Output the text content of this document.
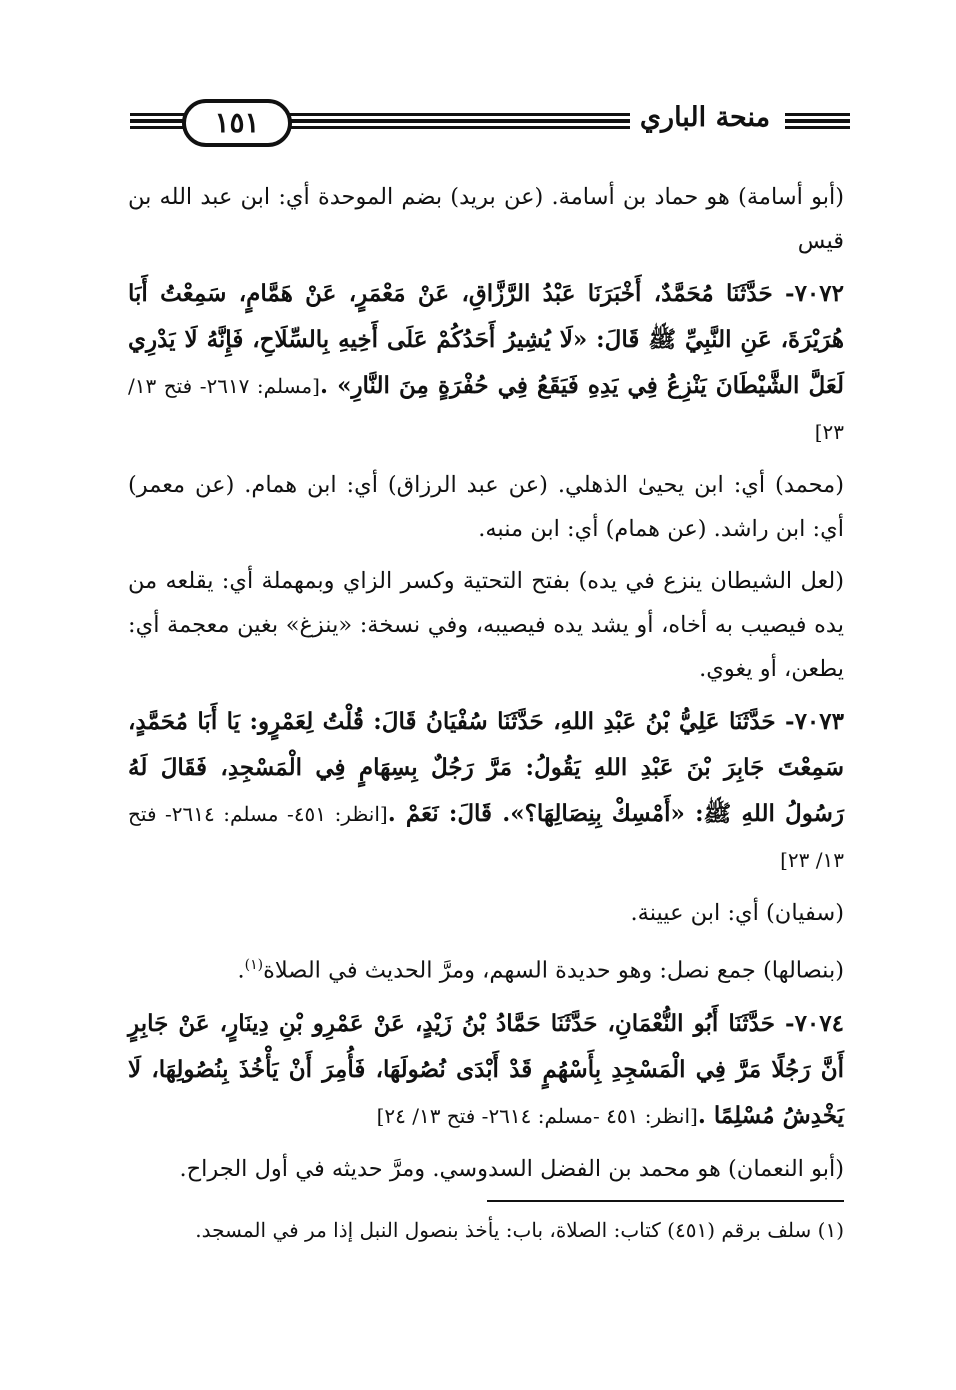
١٥١	منحة الباري

(أبو أسامة) هو حماد بن أسامة. (عن بريد) بضم الموحدة أي: ابن عبد الله بن قيس

٧٠٧٢- حَدَّثَنَا مُحَمَّدٌ، أَخْبَرَنَا عَبْدُ الرَّزَّاقِ، عَنْ مَعْمَرٍ، عَنْ هَمَّامٍ، سَمِعْتُ أَبَا هُرَيْرَةَ، عَنِ النَّبِيِّ ﷺ قَالَ: «لَا يُشِيرُ أَحَدُكُمْ عَلَى أَخِيهِ بِالسِّلَاحِ، فَإِنَّهُ لَا يَدْرِي لَعَلَّ الشَّيْطَانَ يَنْزِعُ فِي يَدِهِ فَيَقَعُ فِي حُفْرَةٍ مِنَ النَّارِ» .[مسلم: ٢٦١٧- فتح ١٣/ ٢٣]

(محمد) أي: ابن يحيىٰ الذهلي. (عن عبد الرزاق) أي: ابن همام. (عن معمر) أي: ابن راشد. (عن همام) أي: ابن منبه.

(لعل الشيطان ينزع في يده) بفتح التحتية وكسر الزاي وبمهملة أي: يقلعه من يده فيصيب به أخاه، أو يشد يده فيصيبه، وفي نسخة: «ينزغ» بغين معجمة أي: يطعن، أو يغوي.

٧٠٧٣- حَدَّثَنَا عَلِيُّ بْنُ عَبْدِ اللهِ، حَدَّثَنَا سُفْيَانُ قَالَ: قُلْتُ لِعَمْرٍو: يَا أَبَا مُحَمَّدٍ، سَمِعْتَ جَابِرَ بْنَ عَبْدِ اللهِ يَقُولُ: مَرَّ رَجُلٌ بِسِهَامٍ فِي الْمَسْجِدِ، فَقَالَ لَهُ رَسُولُ اللهِ ﷺ: «أَمْسِكْ بِنِصَالِهَا؟». قَالَ: نَعَمْ .[انظر: ٤٥١- مسلم: ٢٦١٤- فتح ١٣/ ٢٣]

(سفيان) أي: ابن عيينة.

(بنصالها) جمع نصل: وهو حديدة السهم، ومرَّ الحديث في الصلاة$^{(١)}$.

٧٠٧٤- حَدَّثَنَا أَبُو النُّعْمَانِ، حَدَّثَنَا حَمَّادُ بْنُ زَيْدٍ، عَنْ عَمْرِو بْنِ دِينَارٍ، عَنْ جَابِرٍ أَنَّ رَجُلًا مَرَّ فِي الْمَسْجِدِ بِأَسْهُمٍ قَدْ أَبْدَى نُصُولَهَا، فَأُمِرَ أَنْ يَأْخُذَ بِنُصُولِهَا، لَا يَخْدِشُ مُسْلِمًا .[انظر: ٤٥١ -مسلم: ٢٦١٤- فتح ١٣/ ٢٤]

(أبو النعمان) هو محمد بن الفضل السدوسي. ومرَّ حديثه في أول الجراح.

(١) سلف برقم (٤٥١) كتاب: الصلاة، باب: يأخذ بنصول النبل إذا مر في المسجد.
